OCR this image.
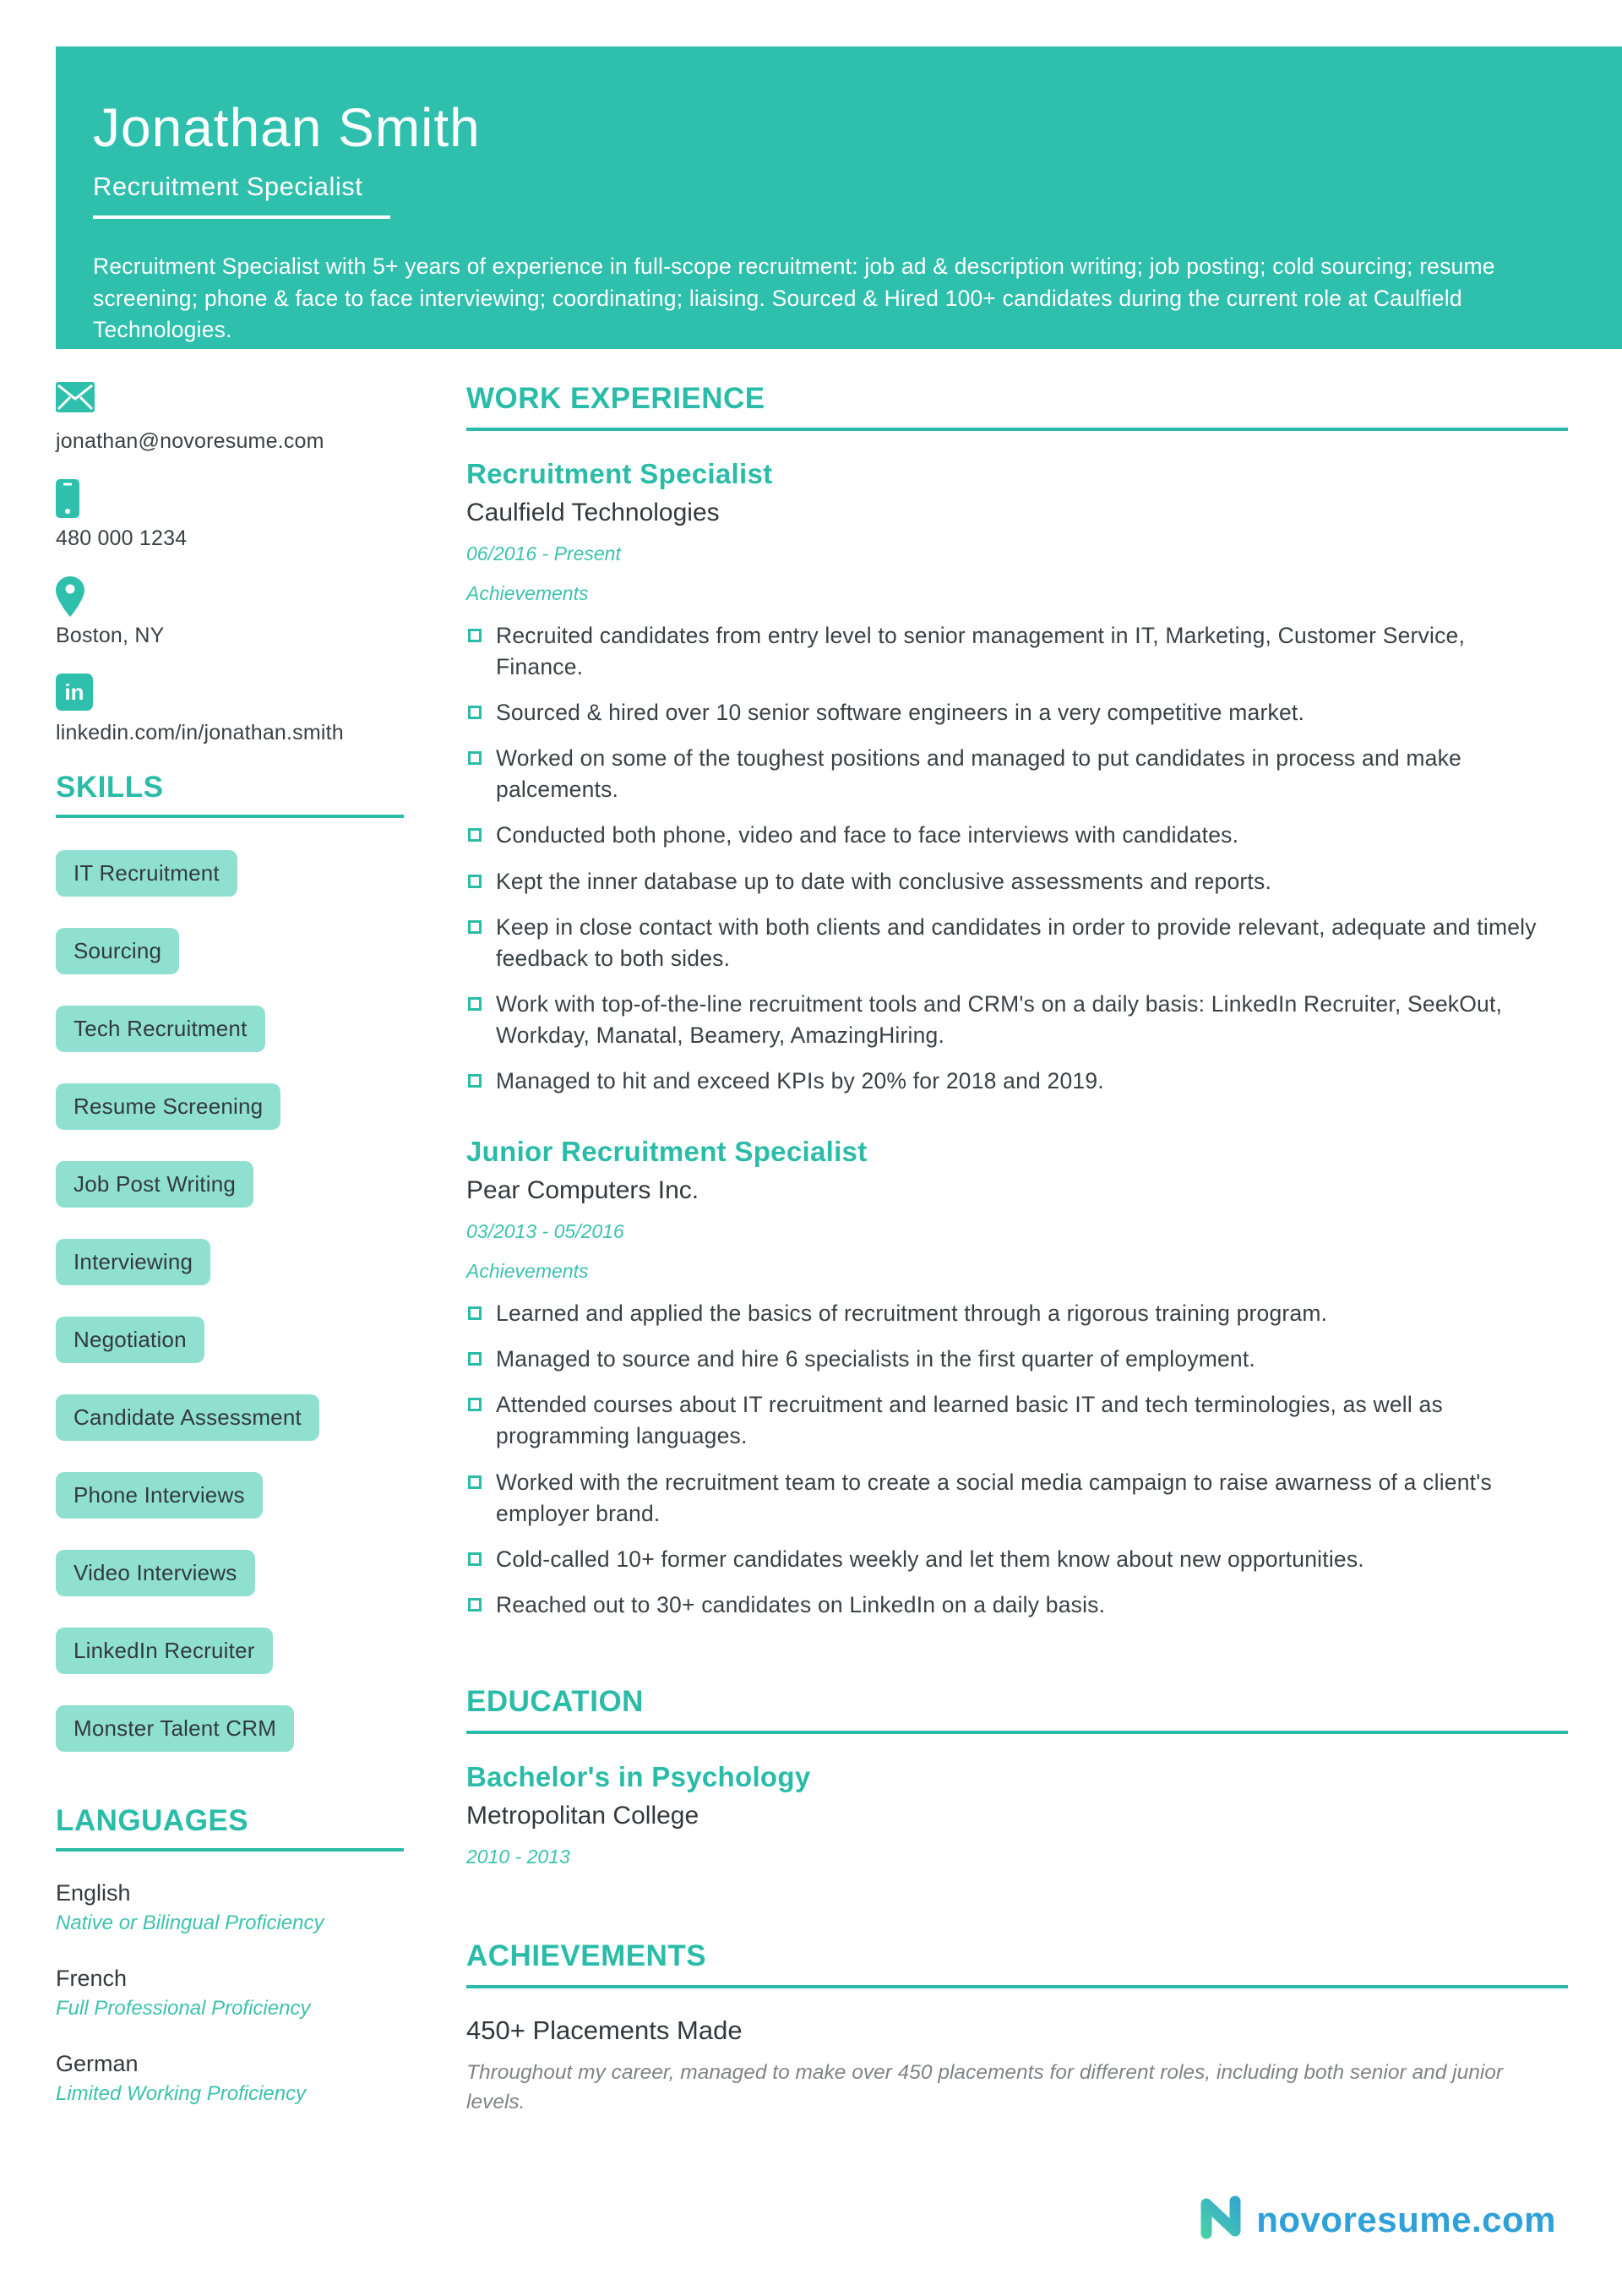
Jonathan Smith
Recruitment Specialist
Recruitment Specialist with 5+ years of experience in full-scope recruitment: job ad & description writing; job posting; cold sourcing; resume screening; phone & face to face interviewing; coordinating; liaising. Sourced & Hired 100+ candidates during the current role at Caulfield Technologies.
jonathan@novoresume.com
480 000 1234
Boston, NY
in
linkedin.com/in/jonathan.smith
SKILLS
IT Recruitment
Sourcing
Tech Recruitment
Resume Screening
Job Post Writing
Interviewing
Negotiation
Candidate Assessment
Phone Interviews
Video Interviews
LinkedIn Recruiter
Monster Talent CRM
LANGUAGES
English
Native or Bilingual Proficiency
French
Full Professional Proficiency
German
Limited Working Proficiency
WORK EXPERIENCE
Recruitment Specialist
Caulfield Technologies
06/2016 - Present
Achievements
Recruited candidates from entry level to senior management in IT, Marketing, Customer Service, Finance.
Sourced & hired over 10 senior software engineers in a very competitive market.
Worked on some of the toughest positions and managed to put candidates in process and make palcements.
Conducted both phone, video and face to face interviews with candidates.
Kept the inner database up to date with conclusive assessments and reports.
Keep in close contact with both clients and candidates in order to provide relevant, adequate and timely feedback to both sides.
Work with top-of-the-line recruitment tools and CRM's on a daily basis: LinkedIn Recruiter, SeekOut, Workday, Manatal, Beamery, AmazingHiring.
Managed to hit and exceed KPIs by 20% for 2018 and 2019.
Junior Recruitment Specialist
Pear Computers Inc.
03/2013 - 05/2016
Achievements
Learned and applied the basics of recruitment through a rigorous training program.
Managed to source and hire 6 specialists in the first quarter of employment.
Attended courses about IT recruitment and learned basic IT and tech terminologies, as well as programming languages.
Worked with the recruitment team to create a social media campaign to raise awarness of a client's employer brand.
Cold-called 10+ former candidates weekly and let them know about new opportunities.
Reached out to 30+ candidates on LinkedIn on a daily basis.
EDUCATION
Bachelor's in Psychology
Metropolitan College
2010 - 2013
ACHIEVEMENTS
450+ Placements Made
Throughout my career, managed to make over 450 placements for different roles, including both senior and junior levels.
novoresume.com
